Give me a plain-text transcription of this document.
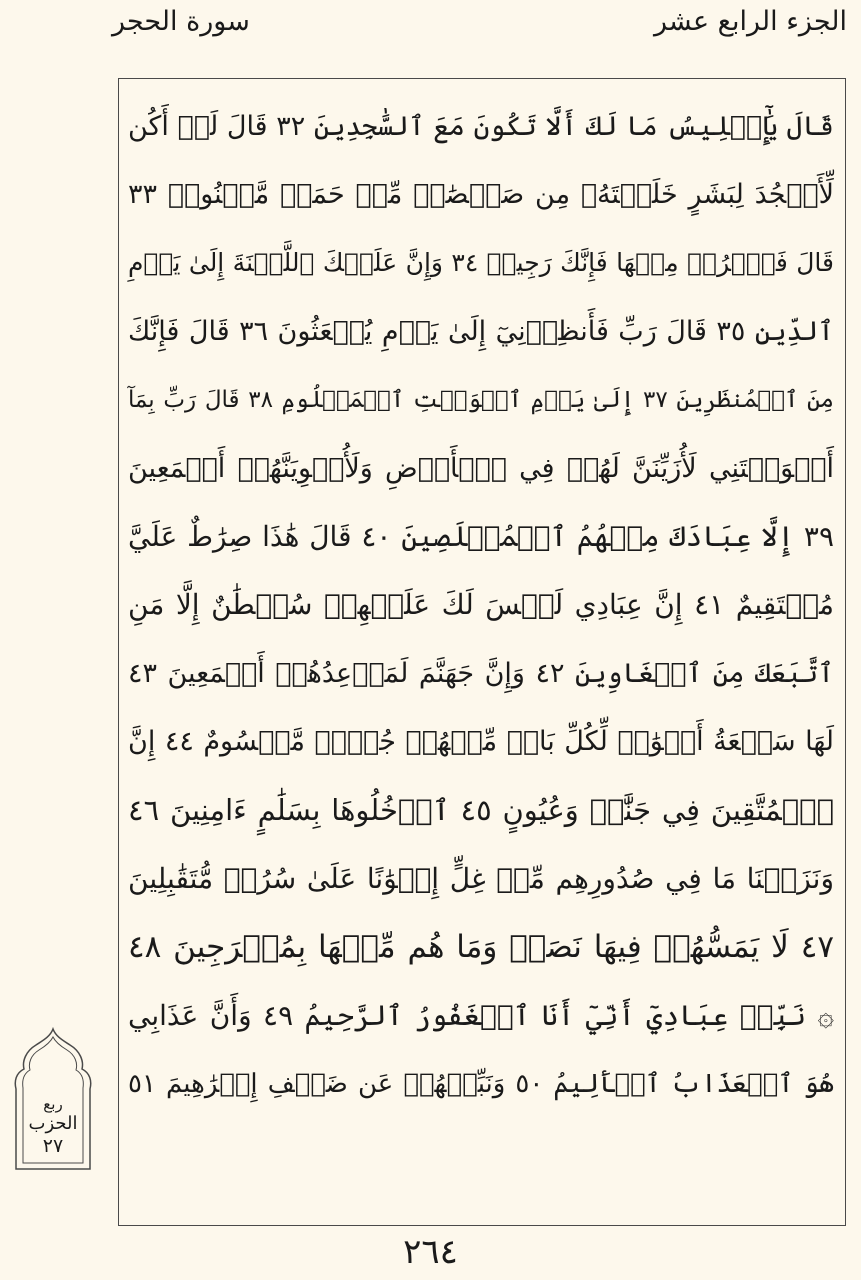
الجزء الرابع عشر
سورة الحجر
قَالَ يَٰٓإِبۡلِيسُ مَا لَكَ أَلَّا تَكُونَ مَعَ ٱلسَّٰجِدِينَ ٣٢ قَالَ لَمۡ أَكُن
لِّأَسۡجُدَ لِبَشَرٍ خَلَقۡتَهُۥ مِن صَلۡصَٰلٖ مِّنۡ حَمَإٖ مَّسۡنُونٖ ٣٣
قَالَ فَٱخۡرُجۡ مِنۡهَا فَإِنَّكَ رَجِيمٞ ٣٤ وَإِنَّ عَلَيۡكَ ٱللَّعۡنَةَ إِلَىٰ يَوۡمِ
ٱلدِّينِ ٣٥ قَالَ رَبِّ فَأَنظِرۡنِيٓ إِلَىٰ يَوۡمِ يُبۡعَثُونَ ٣٦ قَالَ فَإِنَّكَ
مِنَ ٱلۡمُنظَرِينَ ٣٧ إِلَىٰ يَوۡمِ ٱلۡوَقۡتِ ٱلۡمَعۡلُومِ ٣٨ قَالَ رَبِّ بِمَآ
أَغۡوَيۡتَنِي لَأُزَيِّنَنَّ لَهُمۡ فِي ٱلۡأَرۡضِ وَلَأُغۡوِيَنَّهُمۡ أَجۡمَعِينَ
٣٩ إِلَّا عِبَادَكَ مِنۡهُمُ ٱلۡمُخۡلَصِينَ ٤٠ قَالَ هَٰذَا صِرَٰطٌ عَلَيَّ
مُسۡتَقِيمٌ ٤١ إِنَّ عِبَادِي لَيۡسَ لَكَ عَلَيۡهِمۡ سُلۡطَٰنٌ إِلَّا مَنِ
ٱتَّبَعَكَ مِنَ ٱلۡغَاوِينَ ٤٢ وَإِنَّ جَهَنَّمَ لَمَوۡعِدُهُمۡ أَجۡمَعِينَ ٤٣
لَهَا سَبۡعَةُ أَبۡوَٰبٖ لِّكُلِّ بَابٖ مِّنۡهُمۡ جُزۡءٞ مَّقۡسُومٌ ٤٤ إِنَّ
ٱلۡمُتَّقِينَ فِي جَنَّٰتٖ وَعُيُونٍ ٤٥ ٱدۡخُلُوهَا بِسَلَٰمٍ ءَامِنِينَ ٤٦
وَنَزَعۡنَا مَا فِي صُدُورِهِم مِّنۡ غِلٍّ إِخۡوَٰنًا عَلَىٰ سُرُرٖ مُّتَقَٰبِلِينَ
٤٧ لَا يَمَسُّهُمۡ فِيهَا نَصَبٞ وَمَا هُم مِّنۡهَا بِمُخۡرَجِينَ ٤٨
۞ نَبِّئۡ عِبَادِيٓ أَنِّيٓ أَنَا ٱلۡغَفُورُ ٱلرَّحِيمُ ٤٩ وَأَنَّ عَذَابِي
هُوَ ٱلۡعَذَابُ ٱلۡأَلِيمُ ٥٠ وَنَبِّئۡهُمۡ عَن ضَيۡفِ إِبۡرَٰهِيمَ ٥١
ربع
الحزب
٢٧
٢٦٤
